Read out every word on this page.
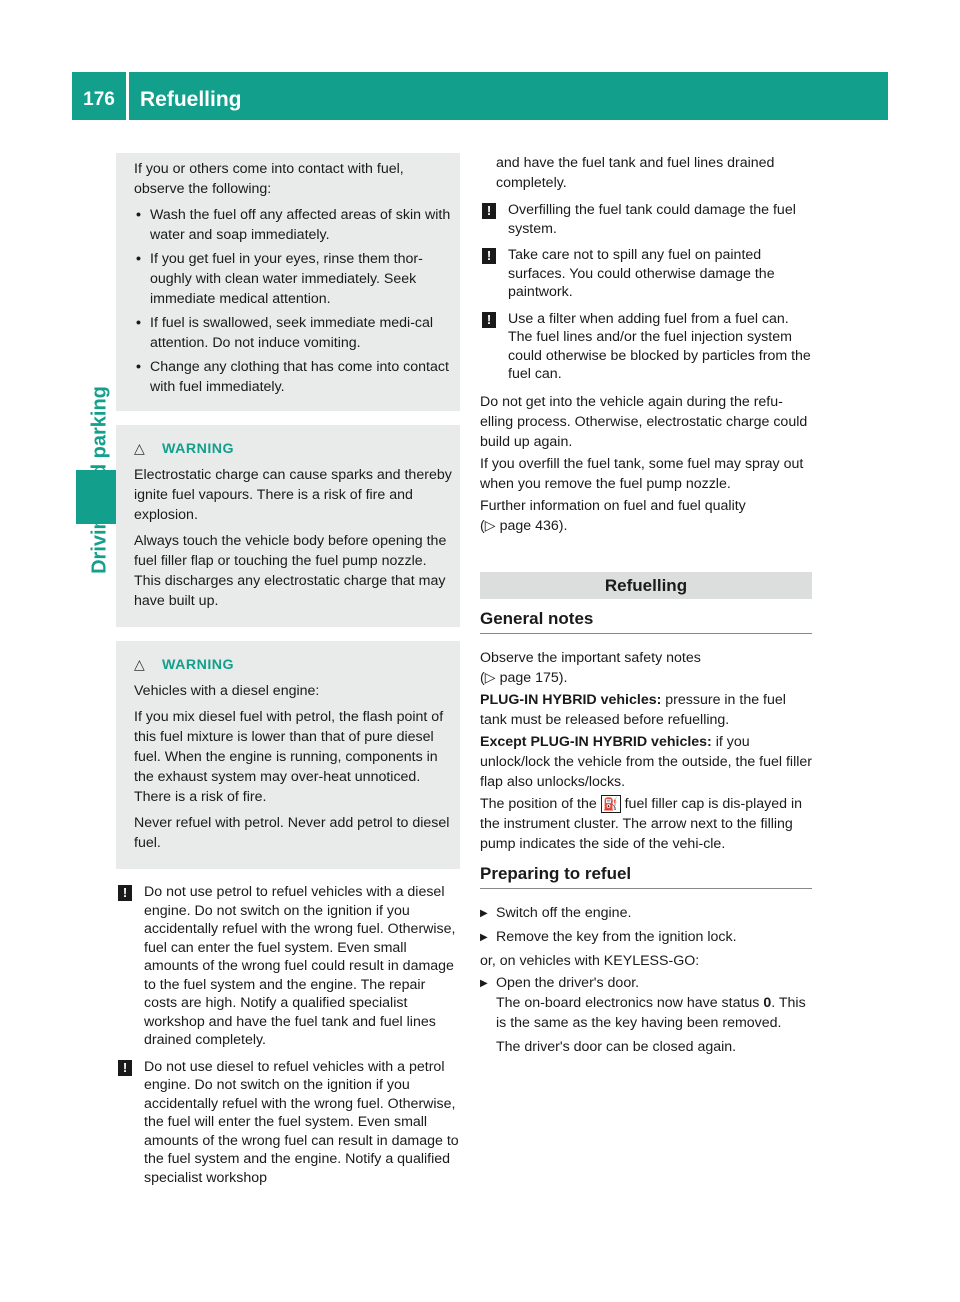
176	Refuelling

If you or others come into contact with fuel, observe the following:

• Wash the fuel off any affected areas of skin with water and soap immediately.
• If you get fuel in your eyes, rinse them thor-oughly with clean water immediately. Seek immediate medical attention.
• If fuel is swallowed, seek immediate medi-cal attention. Do not induce vomiting.
• Change any clothing that has come into contact with fuel immediately.
△ WARNING

Electrostatic charge can cause sparks and thereby ignite fuel vapours. There is a risk of fire and explosion.

Always touch the vehicle body before opening the fuel filler flap or touching the fuel pump nozzle. This discharges any electrostatic charge that may have built up.

△ WARNING

Vehicles with a diesel engine:

If you mix diesel fuel with petrol, the flash point of this fuel mixture is lower than that of pure diesel fuel. When the engine is running, components in the exhaust system may over-heat unnoticed. There is a risk of fire.

Never refuel with petrol. Never add petrol to diesel fuel.

!	Do not use petrol to refuel vehicles with a diesel engine. Do not switch on the ignition if you accidentally refuel with the wrong fuel. Otherwise, fuel can enter the fuel system. Even small amounts of the wrong fuel could result in damage to the fuel system and the engine. The repair costs are high. Notify a qualified specialist workshop and have the fuel tank and fuel lines drained completely.
!	Do not use diesel to refuel vehicles with a petrol engine. Do not switch on the ignition if you accidentally refuel with the wrong fuel. Otherwise, the fuel will enter the fuel system. Even small amounts of the wrong fuel can result in damage to the fuel system and the engine. Notify a qualified specialist workshop
and have the fuel tank and fuel lines drained completely.
!	Overfilling the fuel tank could damage the fuel system.
!	Take care not to spill any fuel on painted surfaces. You could otherwise damage the paintwork.
!	Use a filter when adding fuel from a fuel can. The fuel lines and/or the fuel injection system could otherwise be blocked by particles from the fuel can.

Do not get into the vehicle again during the refu-elling process. Otherwise, electrostatic charge could build up again.

If you overfill the fuel tank, some fuel may spray out when you remove the fuel pump nozzle.

Further information on fuel and fuel quality
(▷ page 436).

Refuelling
General notes

Observe the important safety notes
(▷ page 175).

PLUG-IN HYBRID vehicles: pressure in the fuel tank must be released before refuelling.

Except PLUG-IN HYBRID vehicles: if you unlock/lock the vehicle from the outside, the fuel filler flap also unlocks/locks.

The position of the ⛽ fuel filler cap is dis-played in the instrument cluster. The arrow next to the filling pump indicates the side of the vehi-cle.

Preparing to refuel
▶ Switch off the engine.
▶ Remove the key from the ignition lock.

or, on vehicles with KEYLESS-GO:

▶ Open the driver's door.
The on-board electronics now have status 0. This is the same as the key having been removed.
The driver's door can be closed again.
